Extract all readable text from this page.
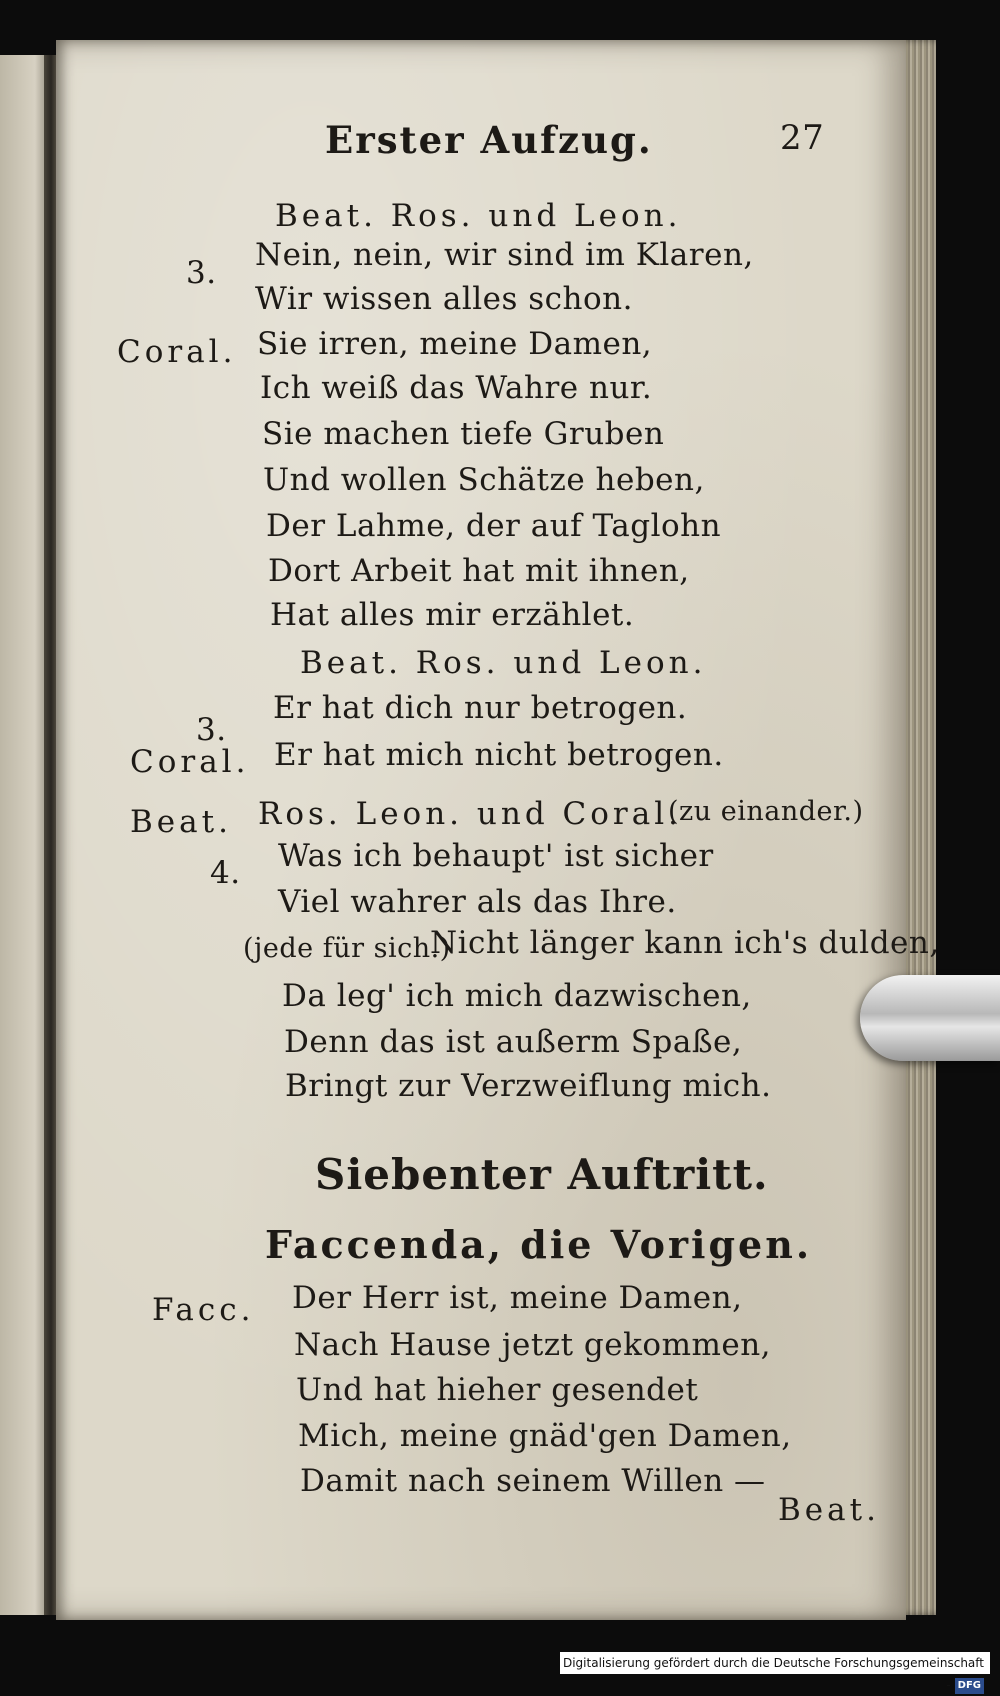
Erster Aufzug.	27
Beat. Ros. und Leon.
3. Nein, nein, wir sind im Klaren,
Wir wissen alles schon.
Coral. Sie irren, meine Damen,
Ich weiß das Wahre nur.
Sie machen tiefe Gruben
Und wollen Schätze heben,
Der Lahme, der auf Taglohn
Dort Arbeit hat mit ihnen,
Hat alles mir erzählet.
Beat. Ros. und Leon.
3.
Er hat dich nur betrogen.
Coral. Er hat mich nicht betrogen.
Beat. Ros. Leon. und Coral.
(zu einander.)
4. Was ich behaupt' ist sicher
Viel wahrer als das Ihre.
(jede für sich.)
Nicht länger kann ich's dulden,
Da leg' ich mich dazwischen,
Denn das ist außerm Spaße,
Bringt zur Verzweiflung mich.
Siebenter Auftritt.
Faccenda, die Vorigen.
Facc. Der Herr ist, meine Damen,
Nach Hause jetzt gekommen,
Und hat hieher gesendet
Mich, meine gnäd'gen Damen,
Damit nach seinem Willen —
Beat.
Digitalisierung gefördert durch die Deutsche Forschungsgemeinschaft - DFG
